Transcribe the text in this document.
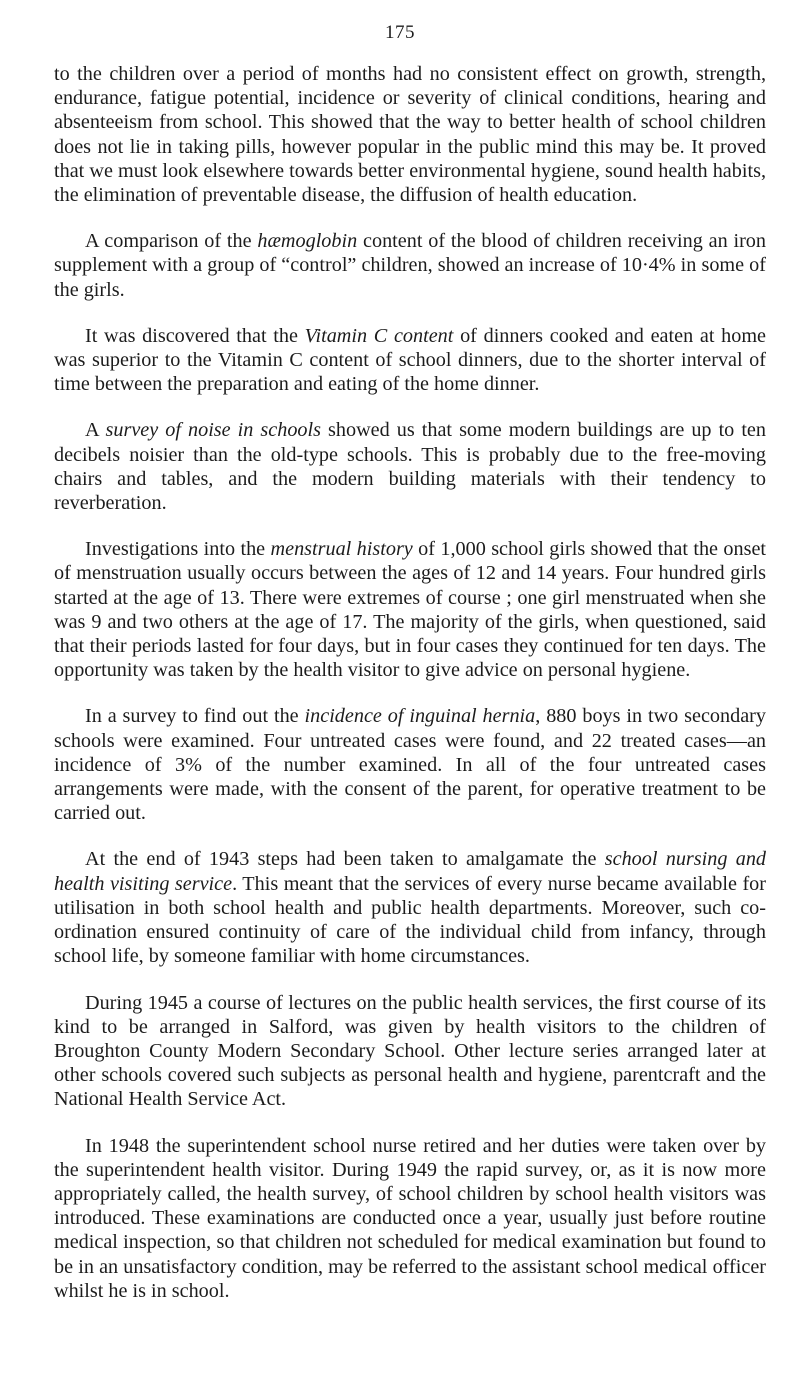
175

to the children over a period of months had no consistent effect on growth, strength, endurance, fatigue potential, incidence or severity of clinical conditions, hearing and absenteeism from school. This showed that the way to better health of school children does not lie in taking pills, however popular in the public mind this may be. It proved that we must look elsewhere towards better environmental hygiene, sound health habits, the elimination of preventable disease, the diffusion of health education.

A comparison of the hæmoglobin content of the blood of children receiving an iron supplement with a group of “control” children, showed an increase of 10·4% in some of the girls.

It was discovered that the Vitamin C content of dinners cooked and eaten at home was superior to the Vitamin C content of school dinners, due to the shorter interval of time between the preparation and eating of the home dinner.

A survey of noise in schools showed us that some modern buildings are up to ten decibels noisier than the old-type schools. This is probably due to the free-moving chairs and tables, and the modern building materials with their tendency to reverberation.

Investigations into the menstrual history of 1,000 school girls showed that the onset of menstruation usually occurs between the ages of 12 and 14 years. Four hundred girls started at the age of 13. There were extremes of course ; one girl menstruated when she was 9 and two others at the age of 17. The majority of the girls, when questioned, said that their periods lasted for four days, but in four cases they continued for ten days. The opportunity was taken by the health visitor to give advice on personal hygiene.

In a survey to find out the incidence of inguinal hernia, 880 boys in two secondary schools were examined. Four untreated cases were found, and 22 treated cases—an incidence of 3% of the number examined. In all of the four untreated cases arrangements were made, with the consent of the parent, for operative treatment to be carried out.

At the end of 1943 steps had been taken to amalgamate the school nursing and health visiting service. This meant that the services of every nurse became available for utilisation in both school health and public health departments. Moreover, such co-ordination ensured continuity of care of the individual child from infancy, through school life, by someone familiar with home circumstances.

During 1945 a course of lectures on the public health services, the first course of its kind to be arranged in Salford, was given by health visitors to the children of Broughton County Modern Secondary School. Other lecture series arranged later at other schools covered such subjects as personal health and hygiene, parentcraft and the National Health Service Act.

In 1948 the superintendent school nurse retired and her duties were taken over by the superintendent health visitor. During 1949 the rapid survey, or, as it is now more appropriately called, the health survey, of school children by school health visitors was introduced. These examinations are conducted once a year, usually just before routine medical inspection, so that children not scheduled for medical examination but found to be in an unsatisfactory condition, may be referred to the assistant school medical officer whilst he is in school.
